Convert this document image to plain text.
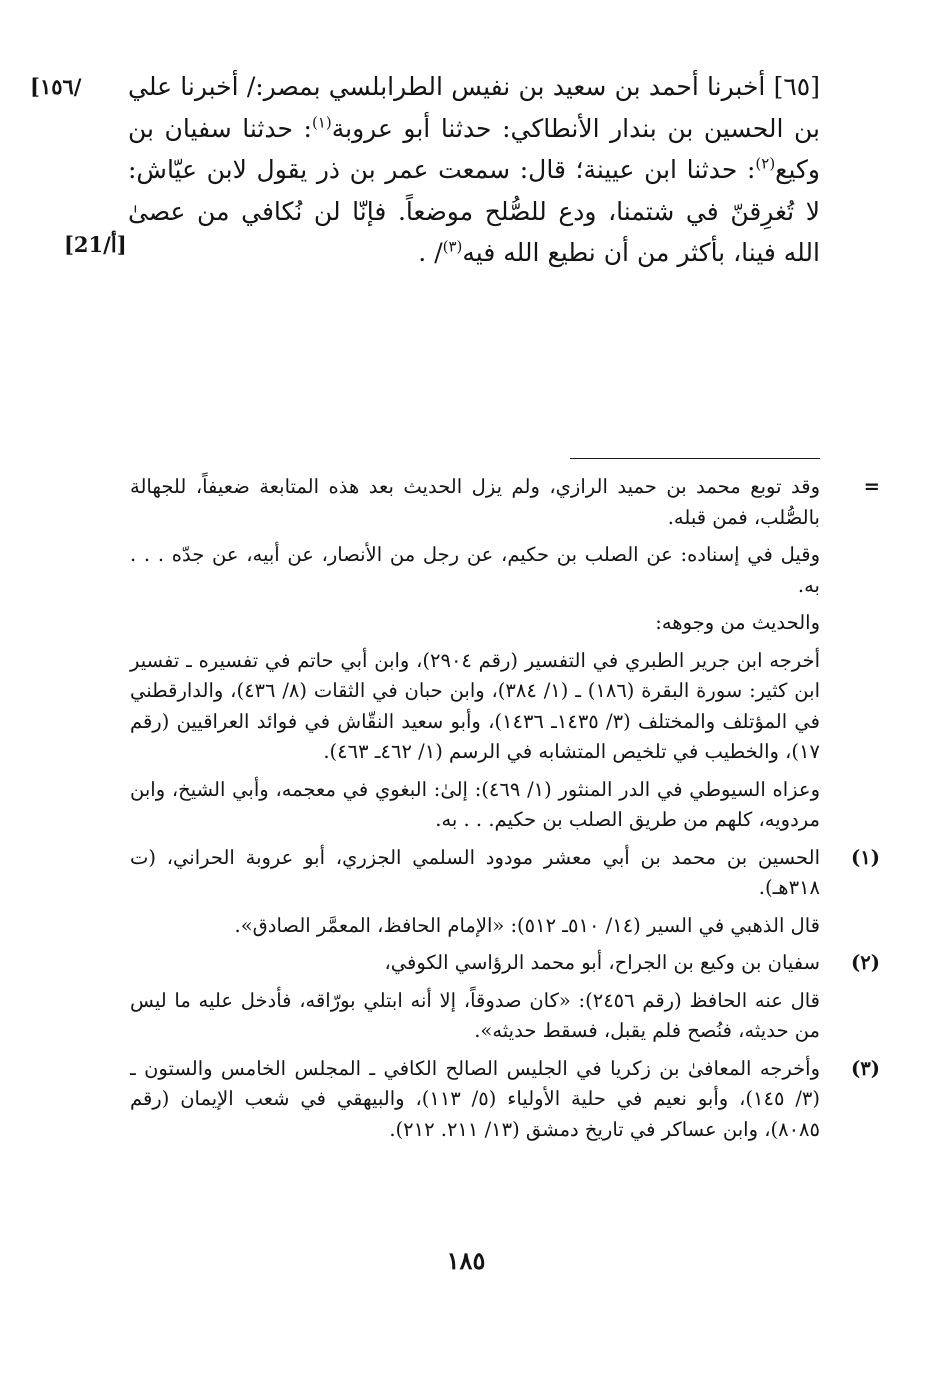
[١٥٦/
[21/أ]

[٦٥] أخبرنا أحمد بن سعيد بن نفيس الطرابلسي بمصر:/ أخبرنا علي بن الحسين بن بندار الأنطاكي: حدثنا أبو عروبة$^{(١)}$: حدثنا سفيان بن وكيع$^{(٢)}$: حدثنا ابن عيينة؛ قال: سمعت عمر بن ذر يقول لابن عيّاش: لا تُغرِقنّ في شتمنا، ودع للصُّلح موضعاً. فإنّا لن نُكافي من عصىٰ الله فينا، بأكثر من أن نطيع الله فيه$^{(٣)}$/ .

=

وقد توبع محمد بن حميد الرازي، ولم يزل الحديث بعد هذه المتابعة ضعيفاً، للجهالة بالصُّلب، فمن قبله.

وقيل في إسناده: عن الصلب بن حكيم، عن رجل من الأنصار، عن أبيه، عن جدّه . . . به.

والحديث من وجوهه:

أخرجه ابن جرير الطبري في التفسير (رقم ٢٩٠٤)، وابن أبي حاتم في تفسيره ـ تفسير ابن كثير: سورة البقرة (١٨٦) ـ (١/ ٣٨٤)، وابن حبان في الثقات (٨/ ٤٣٦)، والدارقطني في المؤتلف والمختلف (٣/ ١٤٣٥ـ ١٤٣٦)، وأبو سعيد النقّاش في فوائد العراقيين (رقم ١٧)، والخطيب في تلخيص المتشابه في الرسم (١/ ٤٦٢ـ ٤٦٣).

وعزاه السيوطي في الدر المنثور (١/ ٤٦٩): إلىٰ: البغوي في معجمه، وأبي الشيخ، وابن مردويه، كلهم من طريق الصلب بن حكيم. . . به.

(١)

الحسين بن محمد بن أبي معشر مودود السلمي الجزري، أبو عروبة الحراني، (ت ٣١٨هـ).

قال الذهبي في السير (١٤/ ٥١٠ـ ٥١٢): «الإمام الحافظ، المعمَّر الصادق».

(٢)

سفيان بن وكيع بن الجراح، أبو محمد الرؤاسي الكوفي،

قال عنه الحافظ (رقم ٢٤٥٦): «كان صدوقاً، إلا أنه ابتلي بورّاقه، فأدخل عليه ما ليس من حديثه، فنُصح فلم يقبل، فسقط حديثه».

(٣)

وأخرجه المعافىٰ بن زكريا في الجليس الصالح الكافي ـ المجلس الخامس والستون ـ (٣/ ١٤٥)، وأبو نعيم في حلية الأولياء (٥/ ١١٣)، والبيهقي في شعب الإيمان (رقم ٨٠٨٥)، وابن عساكر في تاريخ دمشق (١٣/ ٢١١. ٢١٢).

١٨٥
